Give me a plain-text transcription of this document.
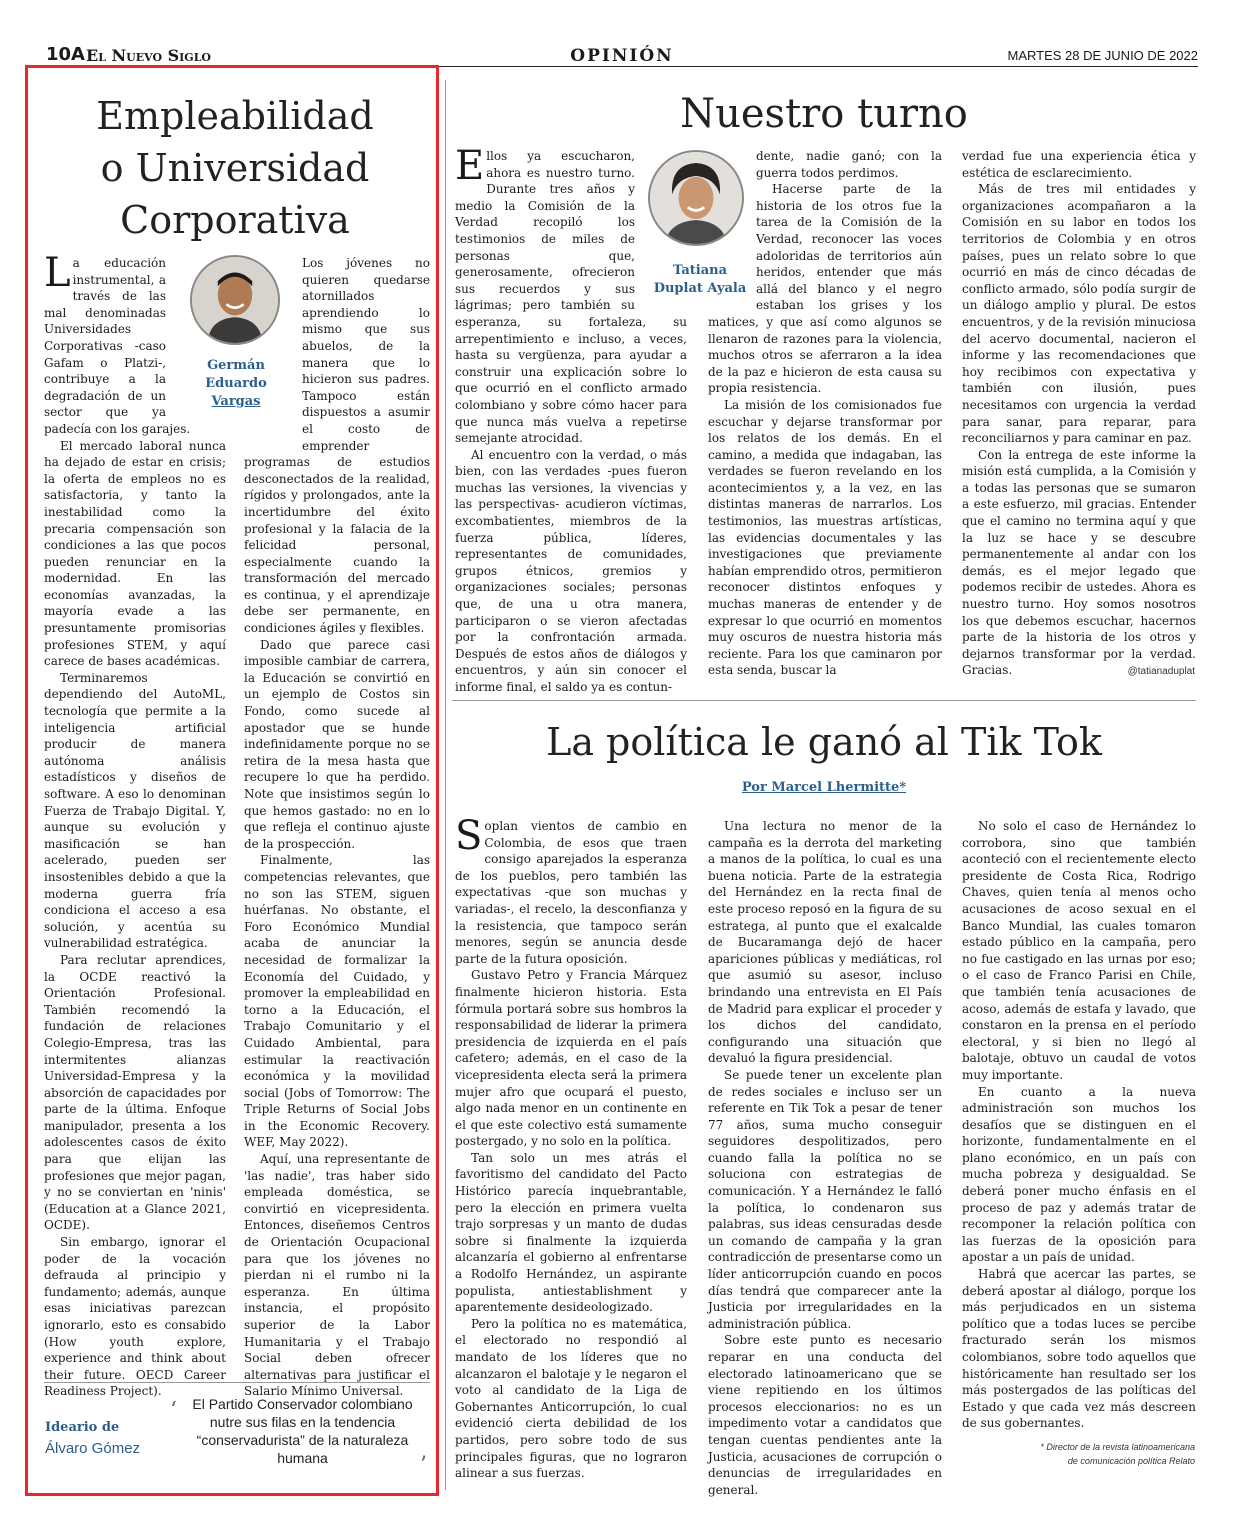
10A El Nuevo Siglo	OPINIÓN	MARTES 28 DE JUNIO DE 2022
Empleabilidad
o Universidad
Corporativa
Germán
Eduardo
Vargas

La educación instrumental, a través de las mal denominadas Universidades Corporativas -caso Gafam o Platzi-, contribuye a la degradación de un sector que ya padecía con los garajes.

El mercado laboral nunca ha dejado de estar en crisis; la oferta de empleos no es satisfactoria, y tanto la inestabilidad como la precaria compensación son condiciones a las que pocos pueden renunciar en la modernidad. En las economías avanzadas, la mayoría evade a las presuntamente promisorias profesiones STEM, y aquí carece de bases académicas.

Terminaremos dependiendo del AutoML, tecnología que permite a la inteligencia artificial producir de manera autónoma análisis estadísticos y diseños de software. A eso lo denominan Fuerza de Trabajo Digital. Y, aunque su evolución y masificación se han acelerado, pueden ser insostenibles debido a que la moderna guerra fría condiciona el acceso a esa solución, y acentúa su vulnerabilidad estratégica.

Para reclutar aprendices, la OCDE reactivó la Orientación Profesional. También recomendó la fundación de relaciones Colegio-Empresa, tras las intermitentes alianzas Universidad-Empresa y la absorción de capacidades por parte de la última. Enfoque manipulador, presenta a los adolescentes casos de éxito para que elijan las profesiones que mejor pagan, y no se conviertan en 'ninis' (Education at a Glance 2021, OCDE).

Sin embargo, ignorar el poder de la vocación defrauda al principio y fundamento; además, aunque esas iniciativas parezcan ignorarlo, esto es consabido (How youth explore, experience and think about their future. OECD Career Readiness Project).

Los jóvenes no quieren quedarse atornillados aprendiendo lo mismo que sus abuelos, de la manera que lo hicieron sus padres. Tampoco están dispuestos a asumir el costo de emprender programas de estudios desconectados de la realidad, rígidos y prolongados, ante la incertidumbre del éxito profesional y la falacia de la felicidad personal, especialmente cuando la transformación del mercado es continua, y el aprendizaje debe ser permanente, en condiciones ágiles y flexibles.

Dado que parece casi imposible cambiar de carrera, la Educación se convirtió en un ejemplo de Costos sin Fondo, como sucede al apostador que se hunde indefinidamente porque no se retira de la mesa hasta que recupere lo que ha perdido. Note que insistimos según lo que hemos gastado: no en lo que refleja el continuo ajuste de la prospección.

Finalmente, las competencias relevantes, que no son las STEM, siguen huérfanas. No obstante, el Foro Económico Mundial acaba de anunciar la necesidad de formalizar la Economía del Cuidado, y promover la empleabilidad en torno a la Educación, el Trabajo Comunitario y el Cuidado Ambiental, para estimular la reactivación económica y la movilidad social (Jobs of Tomorrow: The Triple Returns of Social Jobs in the Economic Recovery. WEF, May 2022).

Aquí, una representante de 'las nadie', tras haber sido empleada doméstica, se convirtió en vicepresidenta. Entonces, diseñemos Centros de Orientación Ocupacional para que los jóvenes no pierdan ni el rumbo ni la esperanza. En última instancia, el propósito superior de la Labor Humanitaria y el Trabajo Social deben ofrecer alternativas para justificar el Salario Mínimo Universal.

Ideario de
Álvaro Gómez
‘	El Partido Conservador colombiano nutre sus filas en la tendencia “conservadurista” de la naturaleza humana	’
Nuestro turno

Ellos ya escucharon, ahora es nuestro turno. Durante tres años y medio la Comisión de la Verdad recopiló los testimonios de miles de personas que, generosamente, ofrecieron sus recuerdos y sus lágrimas; pero también su esperanza, su fortaleza, su arrepentimiento e incluso, a veces, hasta su vergüenza, para ayudar a construir una explicación sobre lo que ocurrió en el conflicto armado colombiano y sobre cómo hacer para que nunca más vuelva a repetirse semejante atrocidad.

Al encuentro con la verdad, o más bien, con las verdades -pues fueron muchas las versiones, la vivencias y las perspectivas- acudieron víctimas, excombatientes, miembros de la fuerza pública, líderes, representantes de comunidades, grupos étnicos, gremios y organizaciones sociales; personas que, de una u otra manera, participaron o se vieron afectadas por la confrontación armada. Después de estos años de diálogos y encuentros, y aún sin conocer el informe final, el saldo ya es contun-

Tatiana
Duplat Ayala

dente, nadie ganó; con la guerra todos perdimos.

Hacerse parte de la historia de los otros fue la tarea de la Comisión de la Verdad, reconocer las voces adoloridas de territorios aún heridos, entender que más allá del blanco y el negro estaban los grises y los matices, y que así como algunos se llenaron de razones para la violencia, muchos otros se aferraron a la idea de la paz e hicieron de esta causa su propia resistencia.

La misión de los comisionados fue escuchar y dejarse transformar por los relatos de los demás. En el camino, a medida que indagaban, las verdades se fueron revelando en los acontecimientos y, a la vez, en las distintas maneras de narrarlos. Los testimonios, las muestras artísticas, las evidencias documentales y las investigaciones que previamente habían emprendido otros, permitieron reconocer distintos enfoques y muchas maneras de entender y de expresar lo que ocurrió en momentos muy oscuros de nuestra historia más reciente. Para los que caminaron por esta senda, buscar la

verdad fue una experiencia ética y estética de esclarecimiento.

Más de tres mil entidades y organizaciones acompañaron a la Comisión en su labor en todos los territorios de Colombia y en otros países, pues un relato sobre lo que ocurrió en más de cinco décadas de conflicto armado, sólo podía surgir de un diálogo amplio y plural. De estos encuentros, y de la revisión minuciosa del acervo documental, nacieron el informe y las recomendaciones que hoy recibimos con expectativa y también con ilusión, pues necesitamos con urgencia la verdad para sanar, para reparar, para reconciliarnos y para caminar en paz.

Con la entrega de este informe la misión está cumplida, a la Comisión y a todas las personas que se sumaron a este esfuerzo, mil gracias. Entender que el camino no termina aquí y que la luz se hace y se descubre permanentemente al andar con los demás, es el mejor legado que podemos recibir de ustedes. Ahora es nuestro turno. Hoy somos nosotros los que debemos escuchar, hacernos parte de la historia de los otros y dejarnos transformar por la verdad. Gracias.	@tatianaduplat
La política le ganó al Tik Tok
Por Marcel Lhermitte*

Soplan vientos de cambio en Colombia, de esos que traen consigo aparejados la esperanza de los pueblos, pero también las expectativas -que son muchas y variadas-, el recelo, la desconfianza y la resistencia, que tampoco serán menores, según se anuncia desde parte de la futura oposición.

Gustavo Petro y Francia Márquez finalmente hicieron historia. Esta fórmula portará sobre sus hombros la responsabilidad de liderar la primera presidencia de izquierda en el país cafetero; además, en el caso de la vicepresidenta electa será la primera mujer afro que ocupará el puesto, algo nada menor en un continente en el que este colectivo está sumamente postergado, y no solo en la política.

Tan solo un mes atrás el favoritismo del candidato del Pacto Histórico parecía inquebrantable, pero la elección en primera vuelta trajo sorpresas y un manto de dudas sobre si finalmente la izquierda alcanzaría el gobierno al enfrentarse a Rodolfo Hernández, un aspirante populista, antiestablishment y aparentemente desideologizado.

Pero la política no es matemática, el electorado no respondió al mandato de los líderes que no alcanzaron el balotaje y le negaron el voto al candidato de la Liga de Gobernantes Anticorrupción, lo cual evidenció cierta debilidad de los partidos, pero sobre todo de sus principales figuras, que no lograron alinear a sus fuerzas.

Una lectura no menor de la campaña es la derrota del marketing a manos de la política, lo cual es una buena noticia. Parte de la estrategia del Hernández en la recta final de este proceso reposó en la figura de su estratega, al punto que el exalcalde de Bucaramanga dejó de hacer apariciones públicas y mediáticas, rol que asumió su asesor, incluso brindando una entrevista en El País de Madrid para explicar el proceder y los dichos del candidato, configurando una situación que devaluó la figura presidencial.

Se puede tener un excelente plan de redes sociales e incluso ser un referente en Tik Tok a pesar de tener 77 años, suma mucho conseguir seguidores despolitizados, pero cuando falla la política no se soluciona con estrategias de comunicación. Y a Hernández le falló la política, lo condenaron sus palabras, sus ideas censuradas desde un comando de campaña y la gran contradicción de presentarse como un líder anticorrupción cuando en pocos días tendrá que comparecer ante la Justicia por irregularidades en la administración pública.

Sobre este punto es necesario reparar en una conducta del electorado latinoamericano que se viene repitiendo en los últimos procesos eleccionarios: no es un impedimento votar a candidatos que tengan cuentas pendientes ante la Justicia, acusaciones de corrupción o denuncias de irregularidades en general.

No solo el caso de Hernández lo corrobora, sino que también aconteció con el recientemente electo presidente de Costa Rica, Rodrigo Chaves, quien tenía al menos ocho acusaciones de acoso sexual en el Banco Mundial, las cuales tomaron estado público en la campaña, pero no fue castigado en las urnas por eso; o el caso de Franco Parisi en Chile, que también tenía acusaciones de acoso, además de estafa y lavado, que constaron en la prensa en el período electoral, y si bien no llegó al balotaje, obtuvo un caudal de votos muy importante.

En cuanto a la nueva administración son muchos los desafíos que se distinguen en el horizonte, fundamentalmente en el plano económico, en un país con mucha pobreza y desigualdad. Se deberá poner mucho énfasis en el proceso de paz y además tratar de recomponer la relación política con las fuerzas de la oposición para apostar a un país de unidad.

Habrá que acercar las partes, se deberá apostar al diálogo, porque los más perjudicados en un sistema político que a todas luces se percibe fracturado serán los mismos colombianos, sobre todo aquellos que históricamente han resultado ser los más postergados de las políticas del Estado y que cada vez más descreen de sus gobernantes.

* Director de la revista latinoamericana
de comunicación política Relato
